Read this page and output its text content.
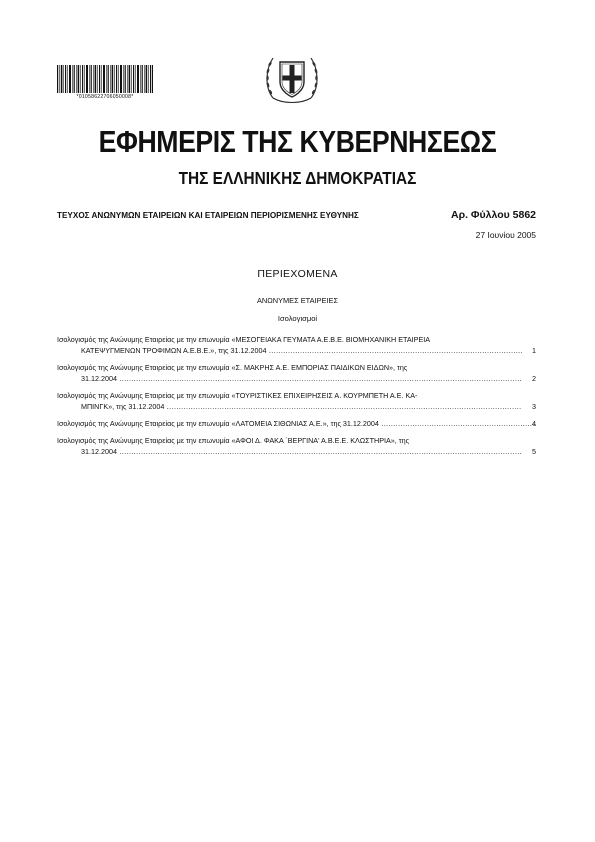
*01058622706050008*
ΕΦΗΜΕΡΙΣ ΤΗΣ ΚΥΒΕΡΝΗΣΕΩΣ
ΤΗΣ ΕΛΛΗΝΙΚΗΣ ΔΗΜΟΚΡΑΤΙΑΣ
ΤΕΥΧΟΣ ΑΝΩΝΥΜΩΝ ΕΤΑΙΡΕΙΩΝ ΚΑΙ ΕΤΑΙΡΕΙΩΝ ΠΕΡΙΟΡΙΣΜΕΝΗΣ ΕΥΘΥΝΗΣ	Αρ. Φύλλου 5862
27 Ιουνίου 2005
ΠΕΡΙΕΧΟΜΕΝΑ
ΑΝΩΝΥΜΕΣ ΕΤΑΙΡΕΙΕΣ
Ισολογισμοί
Ισολογισμός της Ανώνυμης Εταιρείας με την επωνυμία «ΜΕΣΟΓΕΙΑΚΑ ΓΕΥΜΑΤΑ Α.Ε.Β.Ε. ΒΙΟΜΗΧΑΝΙΚΗ ΕΤΑΙΡΕΙΑ
ΚΑΤΕΨΥΓΜΕΝΩΝ ΤΡΟΦΙΜΩΝ Α.Ε.Β.Ε.», της 31.12.2004 .....	1
Ισολογισμός της Ανώνυμης Εταιρείας με την επωνυμία «Σ. ΜΑΚΡΗΣ Α.Ε. ΕΜΠΟΡΙΑΣ ΠΑΙΔΙΚΩΝ ΕΙΔΩΝ», της
31.12.2004 .....	2
Ισολογισμός της Ανώνυμης Εταιρείας με την επωνυμία «ΤΟΥΡΙΣΤΙΚΕΣ ΕΠΙΧΕΙΡΗΣΕΙΣ Α. ΚΟΥΡΜΠΕΤΗ Α.Ε. ΚΑ-
ΜΠΙΝΓΚ», της 31.12.2004 .....	3
Ισολογισμός της Ανώνυμης Εταιρείας με την επωνυμία «ΛΑΤΟΜΕΙΑ ΣΙΘΩΝΙΑΣ Α.Ε.», της 31.12.2004 .....	4
Ισολογισμός της Ανώνυμης Εταιρείας με την επωνυμία «ΑΦΟΙ Δ. ΦΑΚΑ `ΒΕΡΓΙΝΑ' Α.Β.Ε.Ε. ΚΛΩΣΤΗΡΙΑ», της
31.12.2004 .....	5
